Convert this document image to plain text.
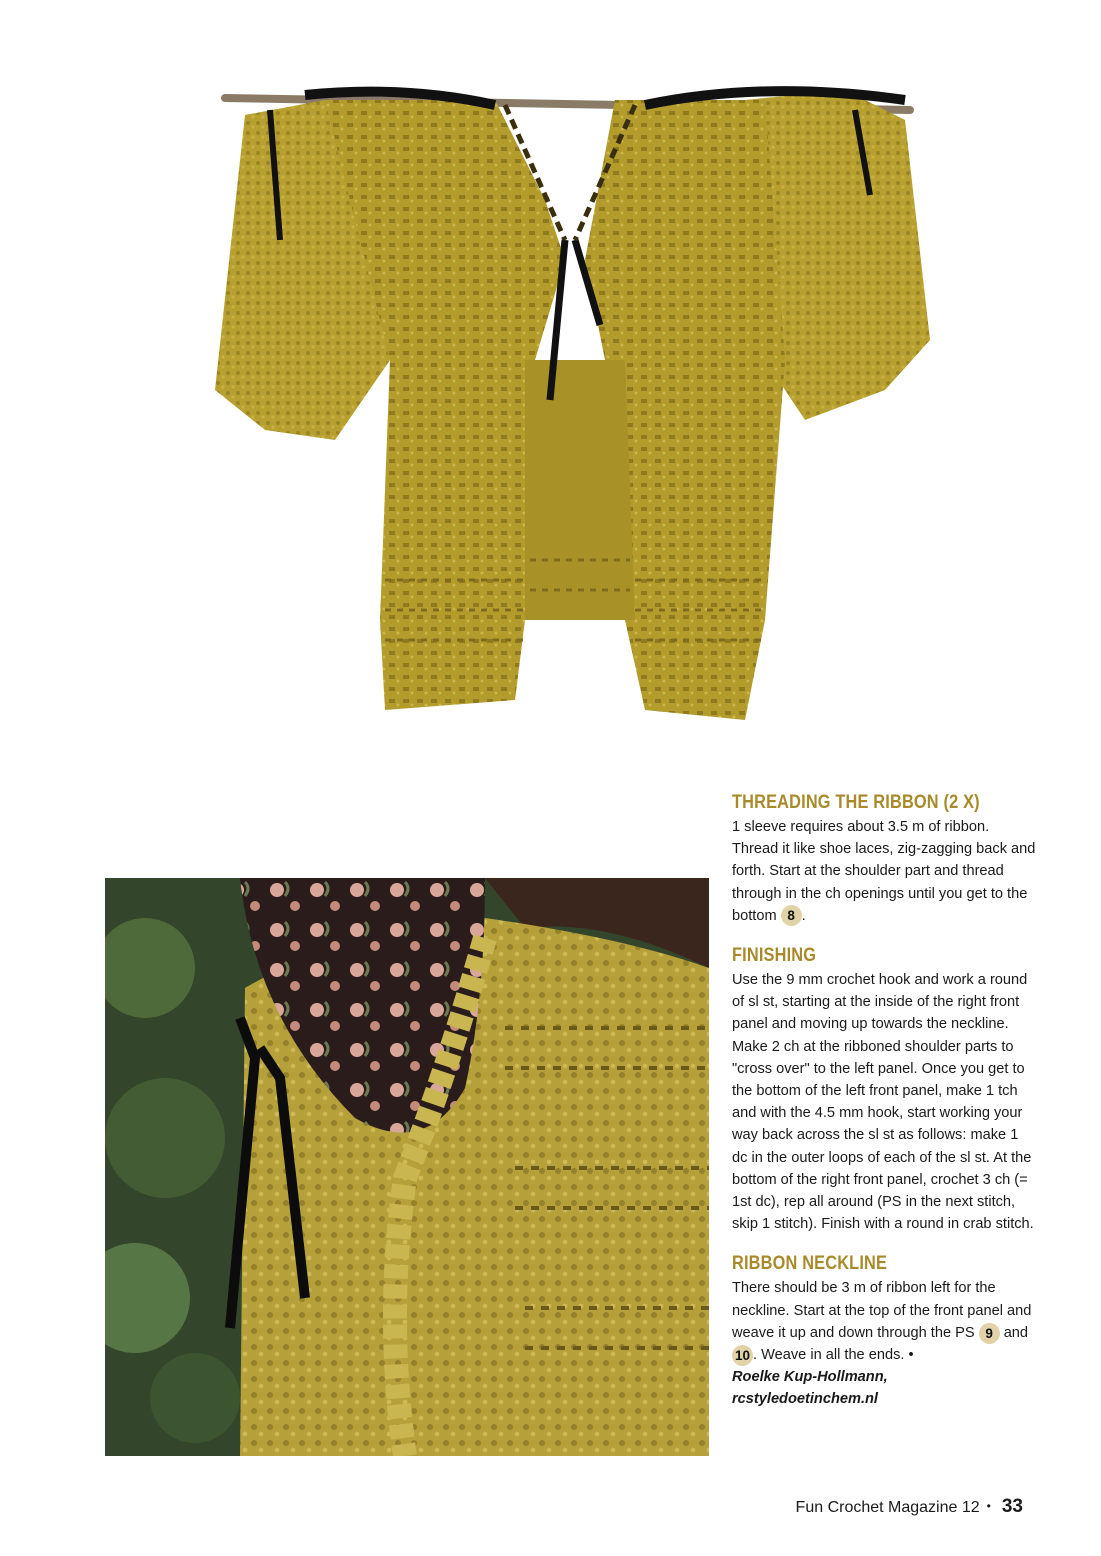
THREADING THE RIBBON (2 X)

1 sleeve requires about 3.5 m of ribbon. Thread it like shoe laces, zig-zagging back and forth. Start at the shoulder part and thread through in the ch openings until you get to the bottom 8 .

FINISHING

Use the 9 mm crochet hook and work a round of sl st, starting at the inside of the right front panel and moving up towards the neckline. Make 2 ch at the ribboned shoulder parts to "cross over" to the left panel. Once you get to the bottom of the left front panel, make 1 tch and with the 4.5 mm hook, start working your way back across the sl st as follows: make 1 dc in the outer loops of each of the sl st. At the bottom of the right front panel, crochet 3 ch (= 1st dc), rep all around (PS in the next stitch, skip 1 stitch). Finish with a round in crab stitch.

RIBBON NECKLINE

There should be 3 m of ribbon left for the neckline. Start at the top of the front panel and weave it up and down through the PS 9 and 10 . Weave in all the ends. •
Roelke Kup-Hollmann,
rcstyledoetinchem.nl

Fun Crochet Magazine 12 • 33
